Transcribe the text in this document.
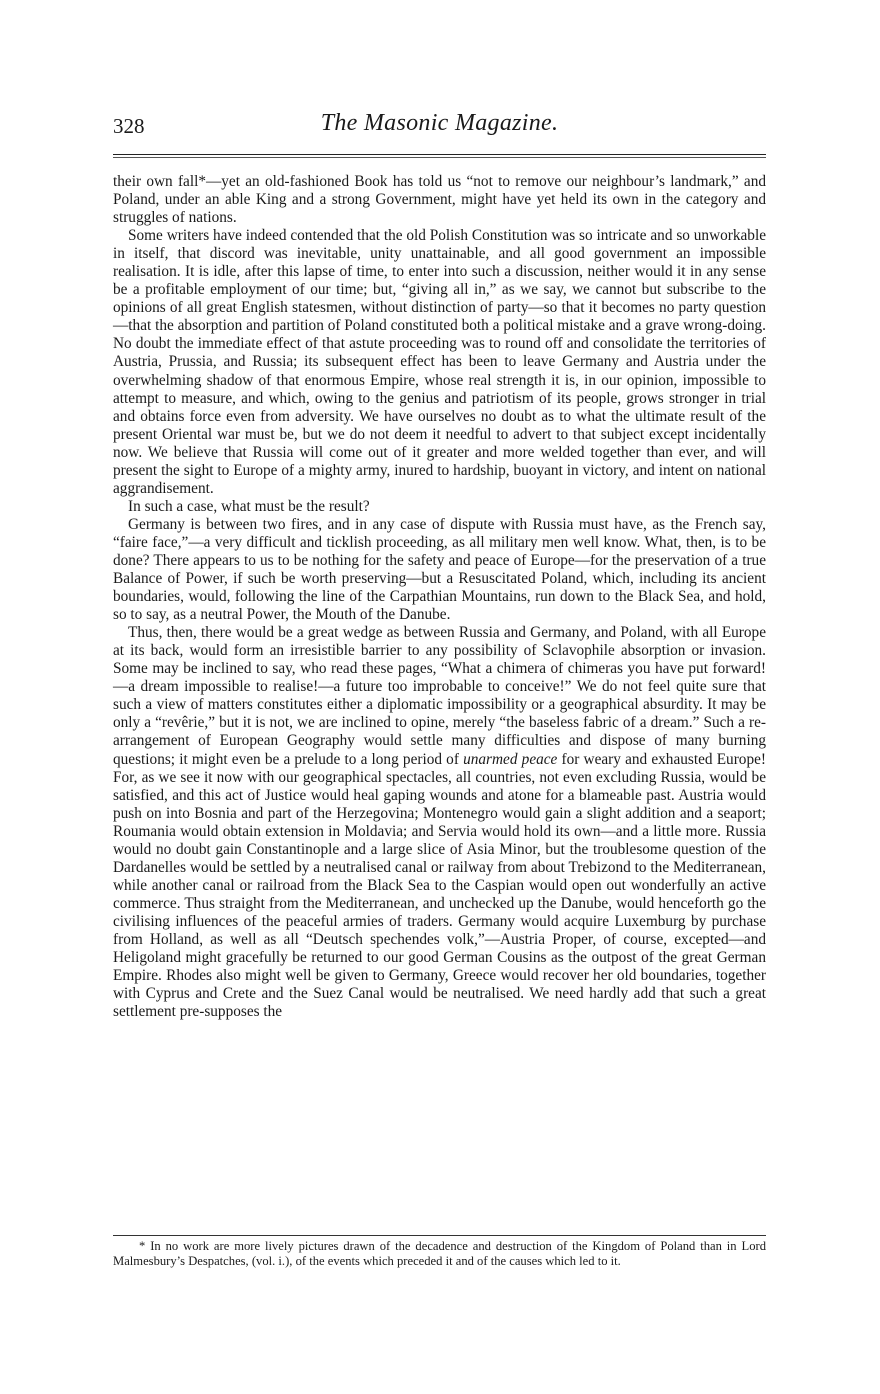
328	The Masonic Magazine.

their own fall*—yet an old-fashioned Book has told us “not to remove our neighbour’s landmark,” and Poland, under an able King and a strong Government, might have yet held its own in the category and struggles of nations.

Some writers have indeed contended that the old Polish Constitution was so intricate and so unworkable in itself, that discord was inevitable, unity unattainable, and all good government an impossible realisation. It is idle, after this lapse of time, to enter into such a discussion, neither would it in any sense be a profitable employment of our time; but, “giving all in,” as we say, we cannot but subscribe to the opinions of all great English statesmen, without distinction of party—so that it becomes no party question—that the absorption and partition of Poland constituted both a political mistake and a grave wrong-doing. No doubt the immediate effect of that astute proceeding was to round off and consolidate the territories of Austria, Prussia, and Russia; its subsequent effect has been to leave Germany and Austria under the overwhelming shadow of that enormous Empire, whose real strength it is, in our opinion, impossible to attempt to measure, and which, owing to the genius and patriotism of its people, grows stronger in trial and obtains force even from adversity. We have ourselves no doubt as to what the ultimate result of the present Oriental war must be, but we do not deem it needful to advert to that subject except incidentally now. We believe that Russia will come out of it greater and more welded together than ever, and will present the sight to Europe of a mighty army, inured to hardship, buoyant in victory, and intent on national aggrandisement.

In such a case, what must be the result?

Germany is between two fires, and in any case of dispute with Russia must have, as the French say, “faire face,”—a very difficult and ticklish proceeding, as all military men well know. What, then, is to be done? There appears to us to be nothing for the safety and peace of Europe—for the preservation of a true Balance of Power, if such be worth preserving—but a Resuscitated Poland, which, including its ancient boundaries, would, following the line of the Carpathian Mountains, run down to the Black Sea, and hold, so to say, as a neutral Power, the Mouth of the Danube.

Thus, then, there would be a great wedge as between Russia and Germany, and Poland, with all Europe at its back, would form an irresistible barrier to any possibility of Sclavophile absorption or invasion. Some may be inclined to say, who read these pages, “What a chimera of chimeras you have put forward!—a dream impossible to realise!—a future too improbable to conceive!” We do not feel quite sure that such a view of matters constitutes either a diplomatic impossibility or a geographical absurdity. It may be only a “revêrie,” but it is not, we are inclined to opine, merely “the baseless fabric of a dream.” Such a re-arrangement of European Geography would settle many difficulties and dispose of many burning questions; it might even be a prelude to a long period of unarmed peace for weary and exhausted Europe! For, as we see it now with our geographical spectacles, all countries, not even excluding Russia, would be satisfied, and this act of Justice would heal gaping wounds and atone for a blameable past. Austria would push on into Bosnia and part of the Herzegovina; Montenegro would gain a slight addition and a seaport; Roumania would obtain extension in Moldavia; and Servia would hold its own—and a little more. Russia would no doubt gain Constantinople and a large slice of Asia Minor, but the troublesome question of the Dardanelles would be settled by a neutralised canal or railway from about Trebizond to the Mediterranean, while another canal or railroad from the Black Sea to the Caspian would open out wonderfully an active commerce. Thus straight from the Mediterranean, and unchecked up the Danube, would henceforth go the civilising influences of the peaceful armies of traders. Germany would acquire Luxemburg by purchase from Holland, as well as all “Deutsch spechendes volk,”—Austria Proper, of course, excepted—and Heligoland might gracefully be returned to our good German Cousins as the outpost of the great German Empire. Rhodes also might well be given to Germany, Greece would recover her old boundaries, together with Cyprus and Crete and the Suez Canal would be neutralised. We need hardly add that such a great settlement pre-supposes the

* In no work are more lively pictures drawn of the decadence and destruction of the Kingdom of Poland than in Lord Malmesbury’s Despatches, (vol. i.), of the events which preceded it and of the causes which led to it.
